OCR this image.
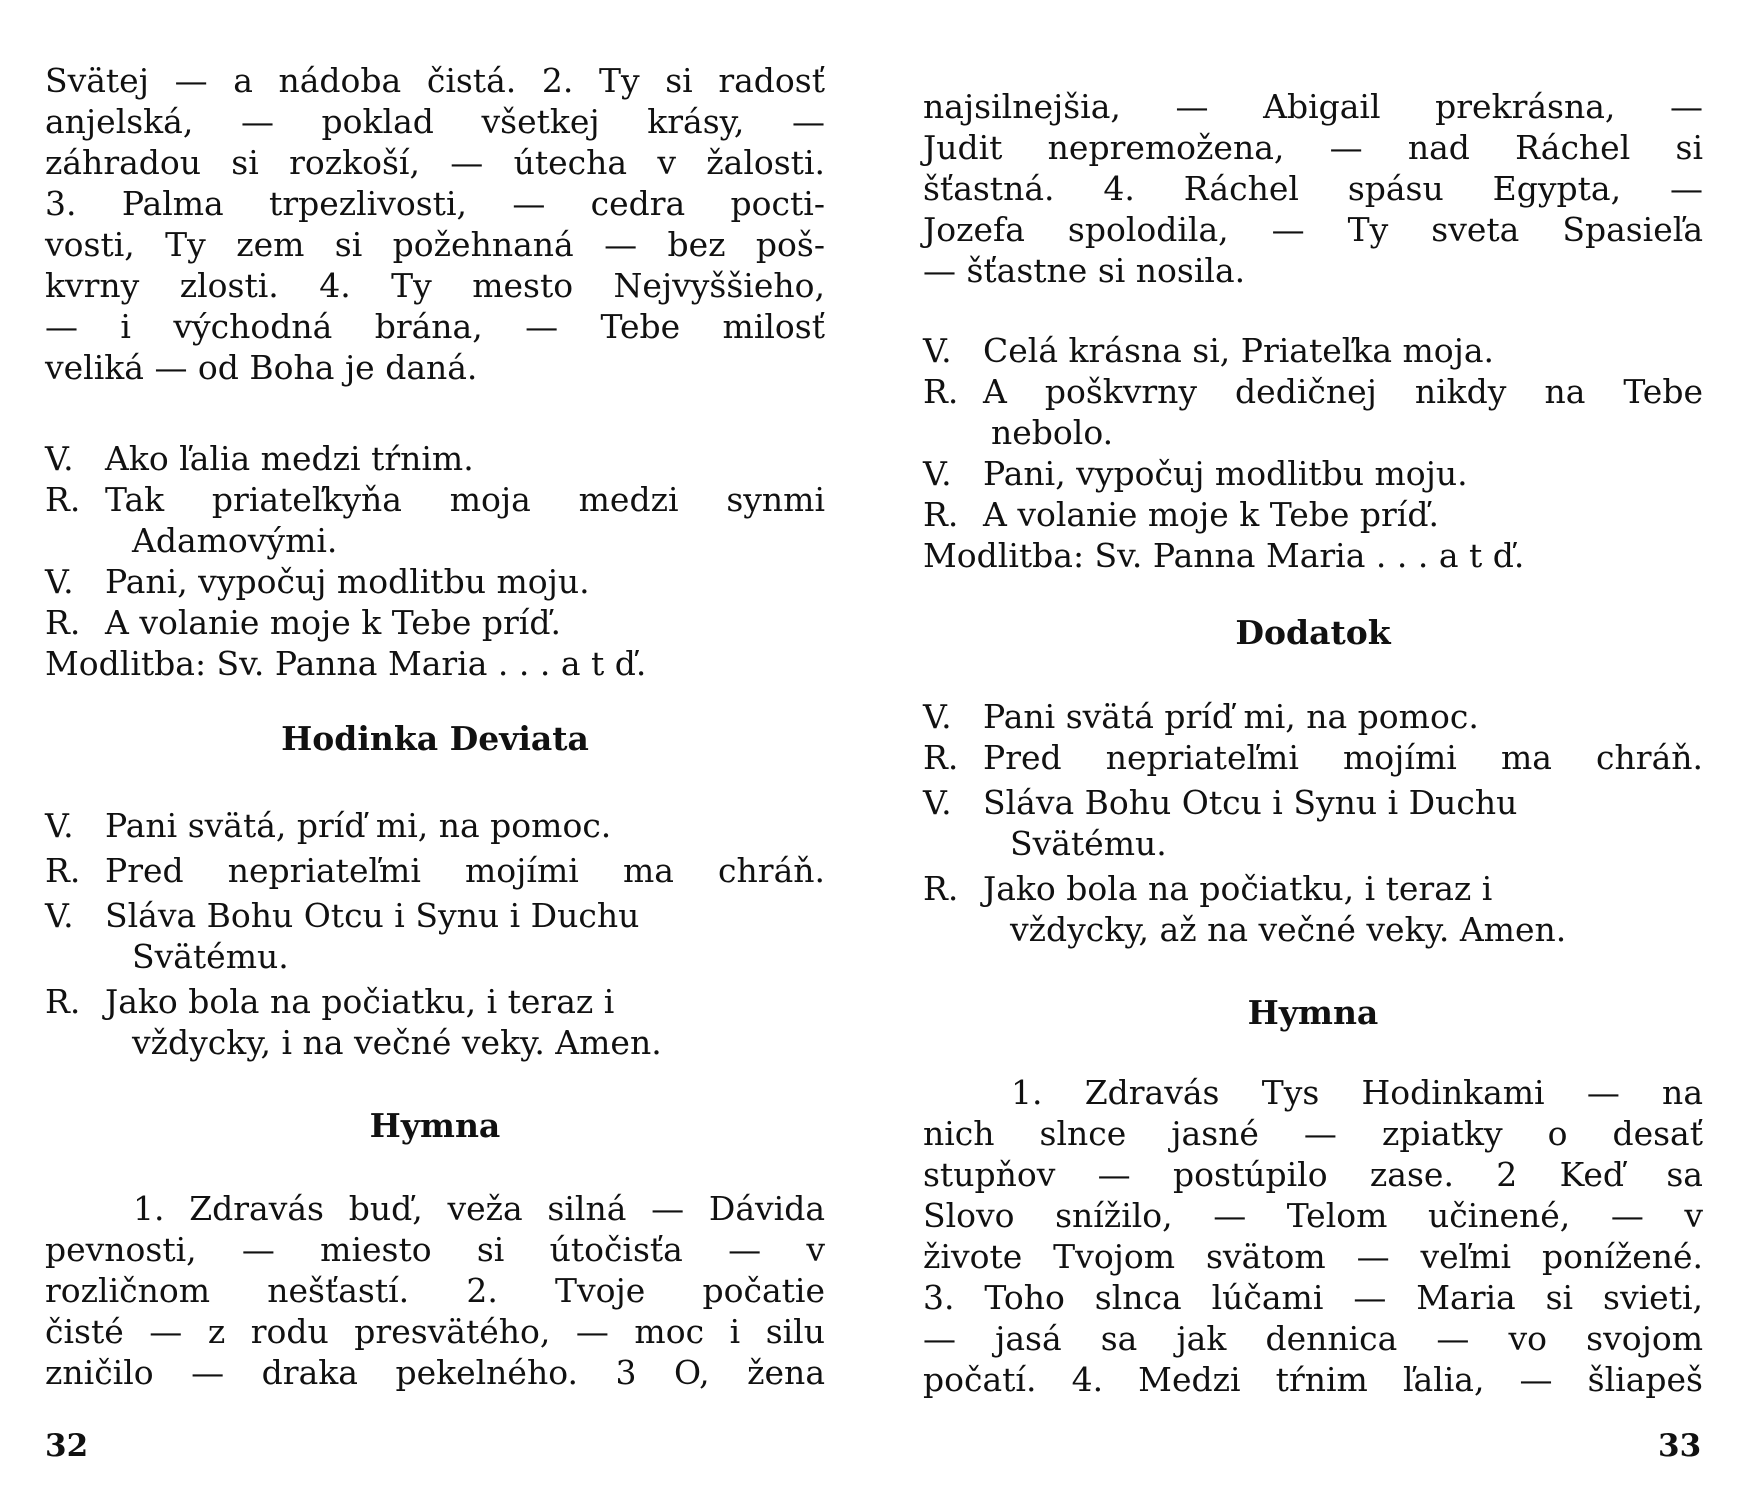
Svätej — a nádoba čistá. 2. Ty si radosť
anjelská, — poklad všetkej krásy, —
záhradou si rozkoší, — útecha v žalosti.
3. Palma trpezlivosti, — cedra pocti-
vosti, Ty zem si požehnaná — bez poš-
kvrny zlosti. 4. Ty mesto Nejvyššieho,
— i východná brána, — Tebe milosť
veliká — od Boha je daná.
V. Ako ľalia medzi tŕnim.
R. Tak priateľkyňa moja medzi synmi
Adamovými.
V. Pani, vypočuj modlitbu moju.
R. A volanie moje k Tebe príď.
Modlitba: Sv. Panna Maria . . . a t ď.
Hodinka Deviata
V. Pani svätá, príď mi, na pomoc.
R. Pred nepriateľmi mojími ma chráň.
V. Sláva Bohu Otcu i Synu i Duchu
Svätému.
R. Jako bola na počiatku, i teraz i
vždycky, i na večné veky. Amen.
Hymna
1. Zdravás buď, veža silná — Dávida
pevnosti, — miesto si útočisťa — v
rozličnom nešťastí. 2. Tvoje počatie
čisté — z rodu presvätého, — moc i silu
zničilo — draka pekelného. 3 O, žena
32
najsilnejšia, — Abigail prekrásna, —
Judit nepremožena, — nad Ráchel si
šťastná. 4. Ráchel spásu Egypta, —
Jozefa spolodila, — Ty sveta Spasieľa
— šťastne si nosila.
V. Celá krásna si, Priateľka moja.
R. A poškvrny dedičnej nikdy na Tebe
nebolo.
V. Pani, vypočuj modlitbu moju.
R. A volanie moje k Tebe príď.
Modlitba: Sv. Panna Maria . . . a t ď.
Dodatok
V. Pani svätá príď mi, na pomoc.
R. Pred nepriateľmi mojími ma chráň.
V. Sláva Bohu Otcu i Synu i Duchu
Svätému.
R. Jako bola na počiatku, i teraz i
vždycky, až na večné veky. Amen.
Hymna
1. Zdravás Tys Hodinkami — na
nich slnce jasné — zpiatky o desať
stupňov — postúpilo zase. 2 Keď sa
Slovo snížilo, — Telom učinené, — v
živote Tvojom svätom — veľmi ponížené.
3. Toho slnca lúčami — Maria si svieti,
— jasá sa jak dennica — vo svojom
počatí. 4. Medzi tŕnim ľalia, — šliapeš
33
